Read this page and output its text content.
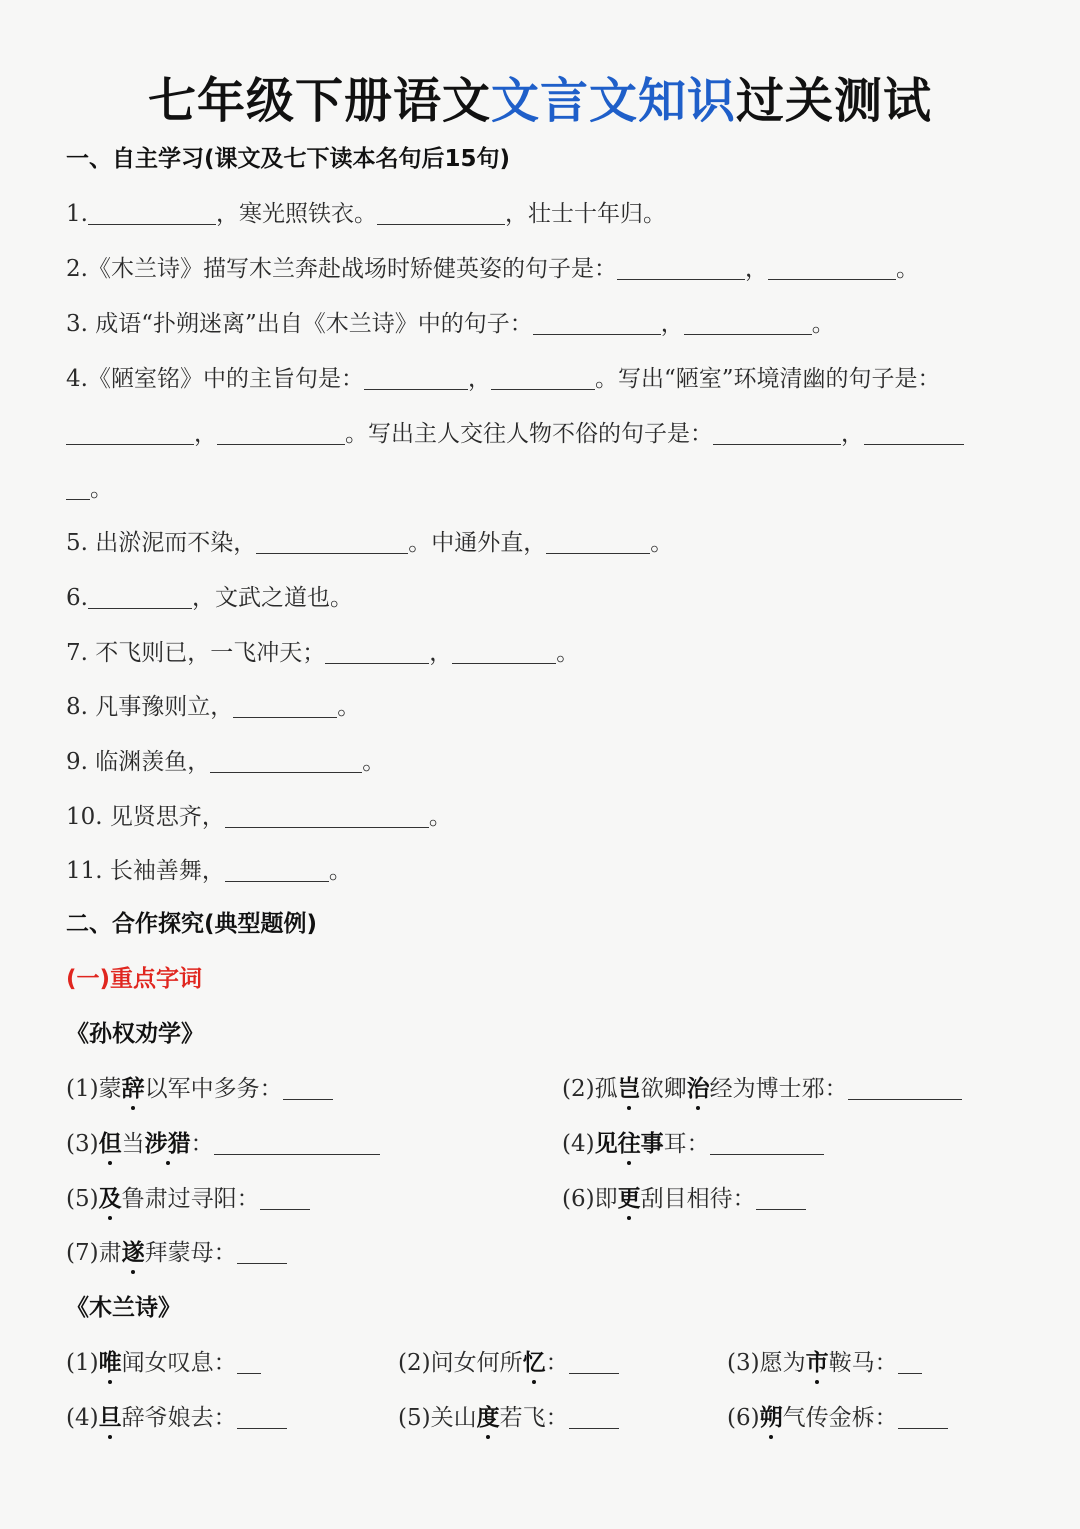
七年级下册语文文言文知识过关测试
一、自主学习(课文及七下读本名句后15句)
1.	，寒光照铁衣。	，壮士十年归。
2.《木兰诗》描写木兰奔赴战场时矫健英姿的句子是：	，	。
3. 成语“扑朔迷离”出自《木兰诗》中的句子：	，	。
4.《陋室铭》中的主旨句是：	，	。写出“陋室”环境清幽的句子是：
，	。写出主人交往人物不俗的句子是：	，
。
5. 出淤泥而不染，	。中通外直，	。
6.	，文武之道也。
7. 不飞则已，一飞冲天；	，	。
8. 凡事豫则立，	。
9. 临渊羡鱼，	。
10. 见贤思齐，	。
11. 长袖善舞，	。
二、合作探究(典型题例)
(一)重点字词
《孙权劝学》
(1)蒙辞以军中多务：	(2)孤岂欲卿治经为博士邪：
(3)但当涉猎：	(4)见往事耳：
(5)及鲁肃过寻阳：	(6)即更刮目相待：
(7)肃遂拜蒙母：
《木兰诗》
(1)唯闻女叹息：	(2)问女何所忆：	(3)愿为市鞍马：
(4)旦辞爷娘去：	(5)关山度若飞：	(6)朔气传金柝：
